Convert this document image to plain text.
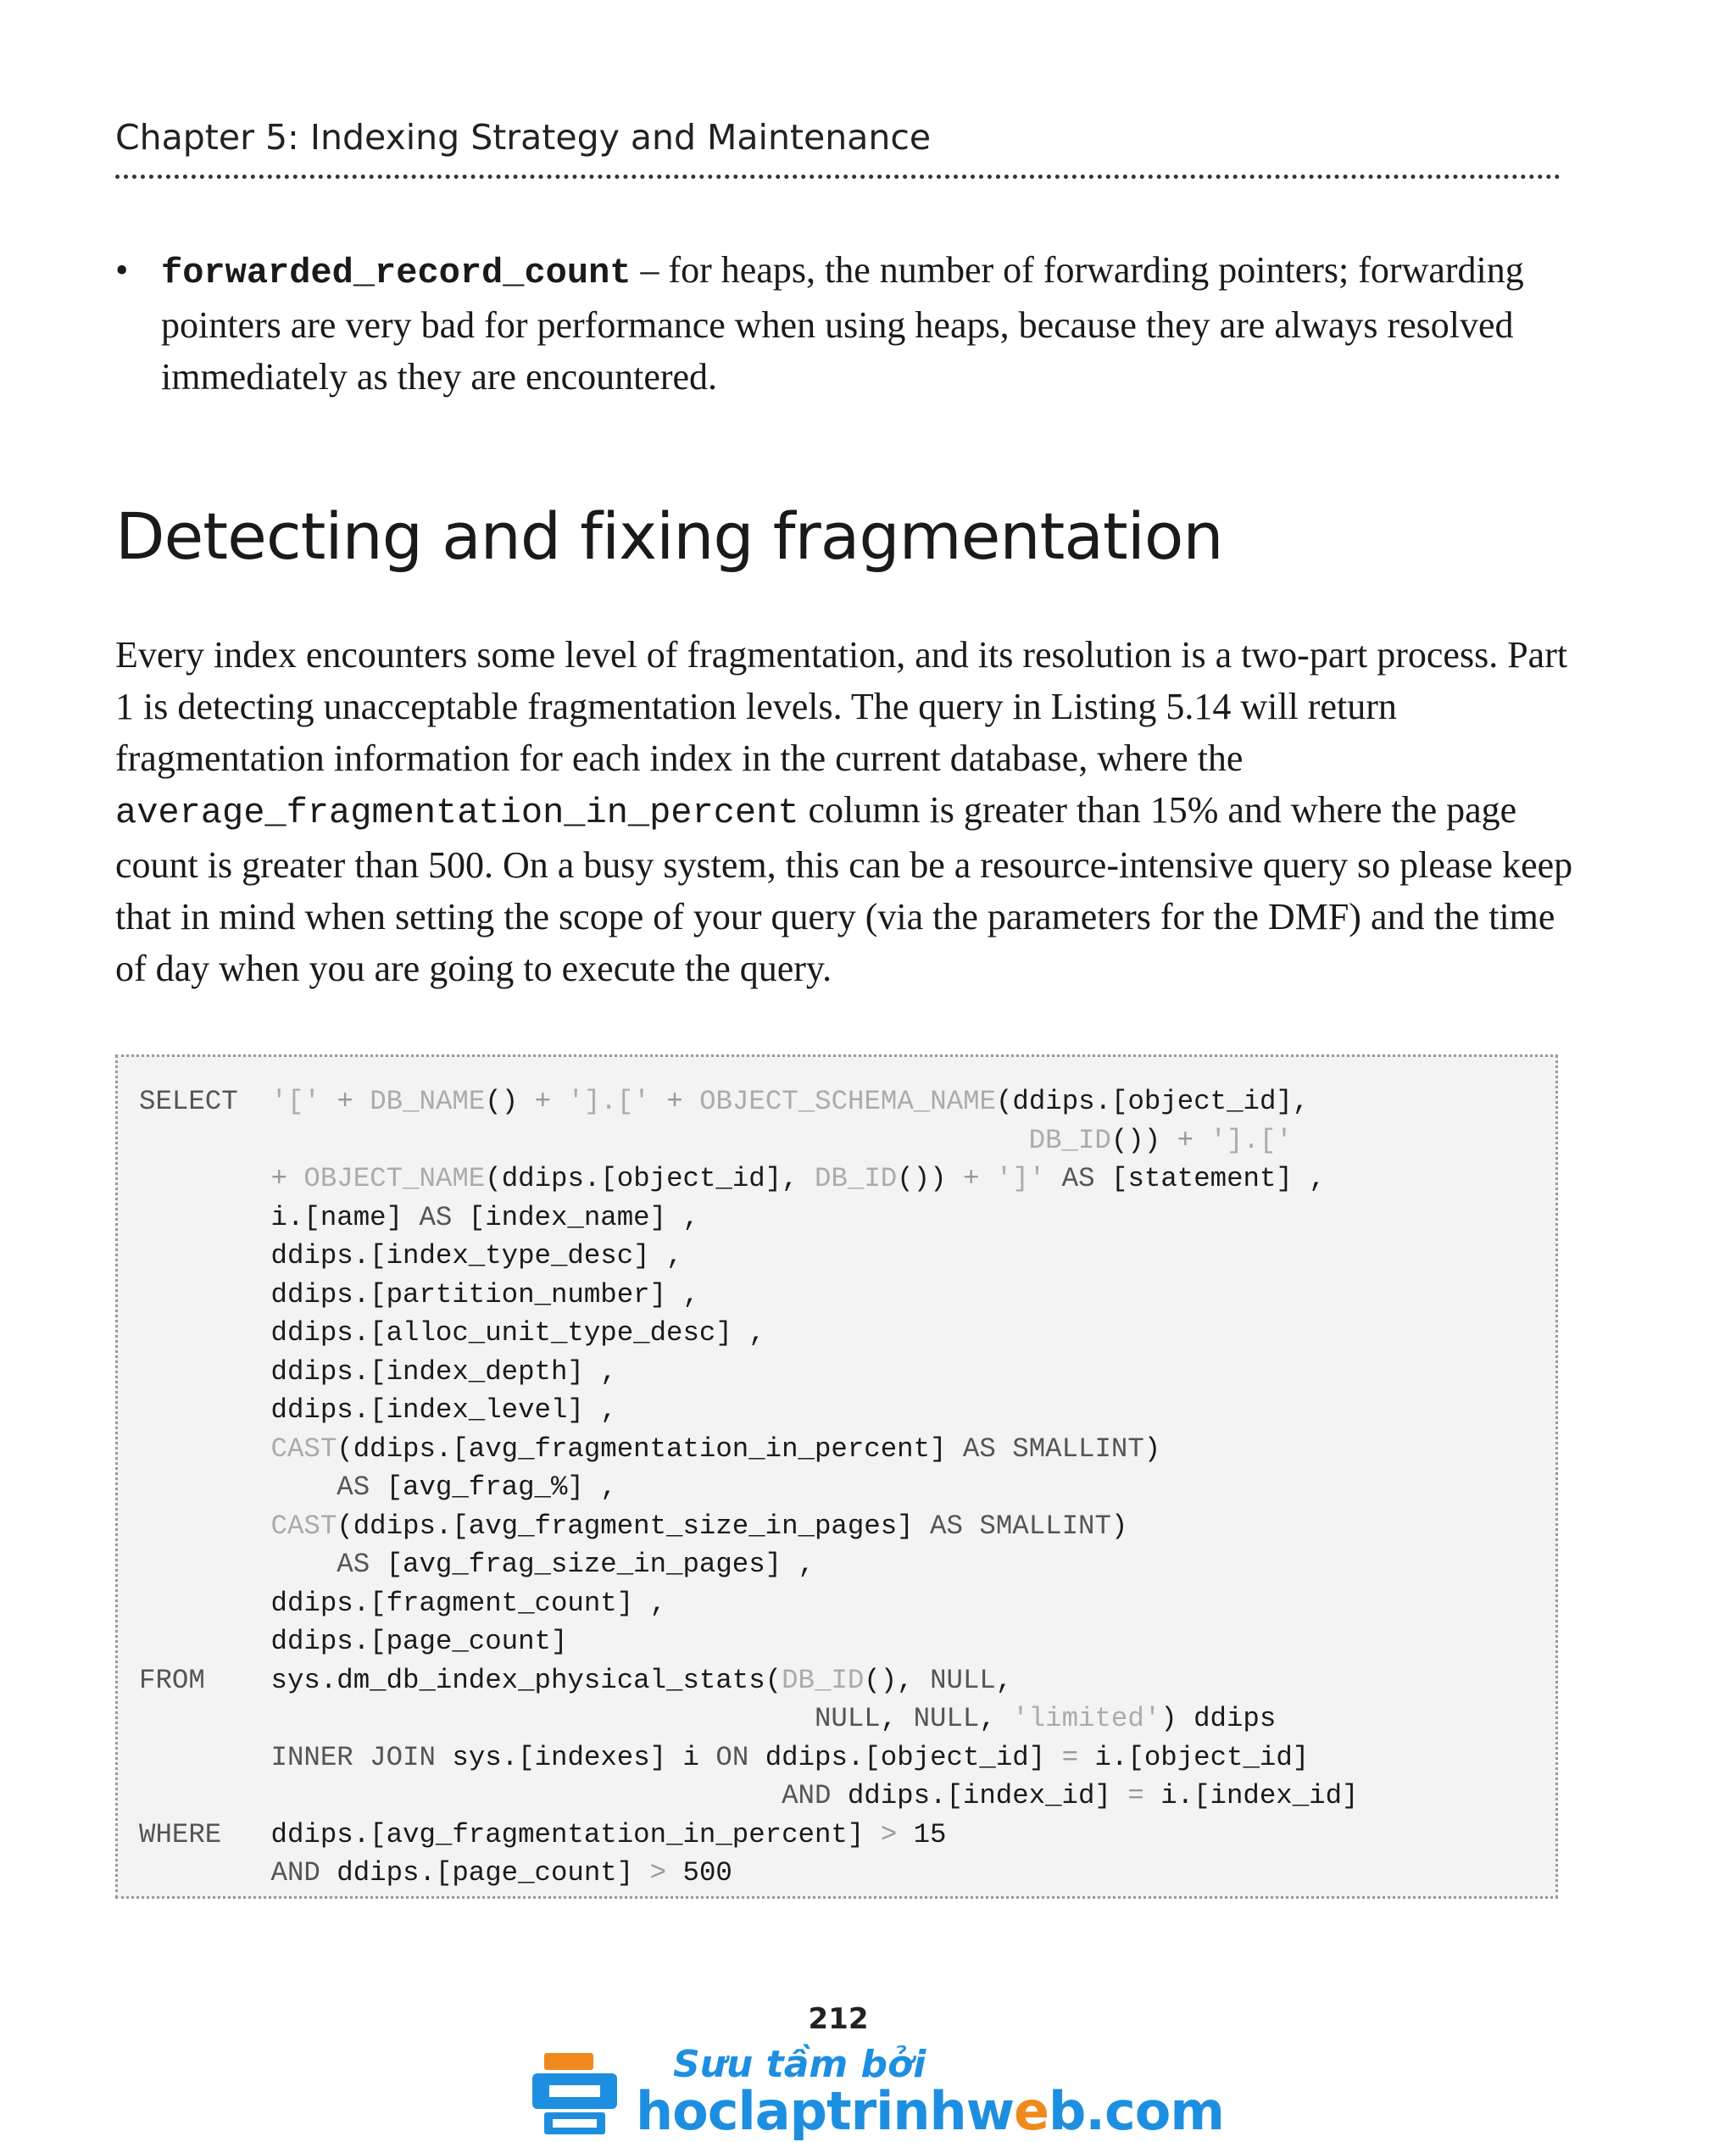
Chapter 5: Indexing Strategy and Maintenance
• forwarded_record_count – for heaps, the number of forwarding pointers; forwarding pointers are very bad for performance when using heaps, because they are always resolved immediately as they are encountered.
Detecting and fixing fragmentation

Every index encounters some level of fragmentation, and its resolution is a two-part process. Part 1 is detecting unacceptable fragmentation levels. The query in Listing 5.14 will return fragmentation information for each index in the current database, where the average_fragmentation_in_percent column is greater than 15% and where the page count is greater than 500. On a busy system, this can be a resource-intensive query so please keep that in mind when setting the scope of your query (via the parameters for the DMF) and the time of day when you are going to execute the query.

SELECT '[' + DB_NAME() + '].[' + OBJECT_SCHEMA_NAME(ddips.[object_id],
DB_ID()) + '].['
+ OBJECT_NAME(ddips.[object_id], DB_ID()) + ']' AS [statement] ,
i.[name] AS [index_name] ,
ddips.[index_type_desc] ,
ddips.[partition_number] ,
ddips.[alloc_unit_type_desc] ,
ddips.[index_depth] ,
ddips.[index_level] ,
CAST(ddips.[avg_fragmentation_in_percent] AS SMALLINT)
AS [avg_frag_%] ,
CAST(ddips.[avg_fragment_size_in_pages] AS SMALLINT)
AS [avg_frag_size_in_pages] ,
ddips.[fragment_count] ,
ddips.[page_count]
FROM    sys.dm_db_index_physical_stats(DB_ID(), NULL,
NULL, NULL, 'limited') ddips
INNER JOIN sys.[indexes] i ON ddips.[object_id] = i.[object_id]
AND ddips.[index_id] = i.[index_id]
WHERE   ddips.[avg_fragmentation_in_percent] > 15
AND ddips.[page_count] > 500
212
Sưu tầm bởi
hoclaptrinhweb.com
